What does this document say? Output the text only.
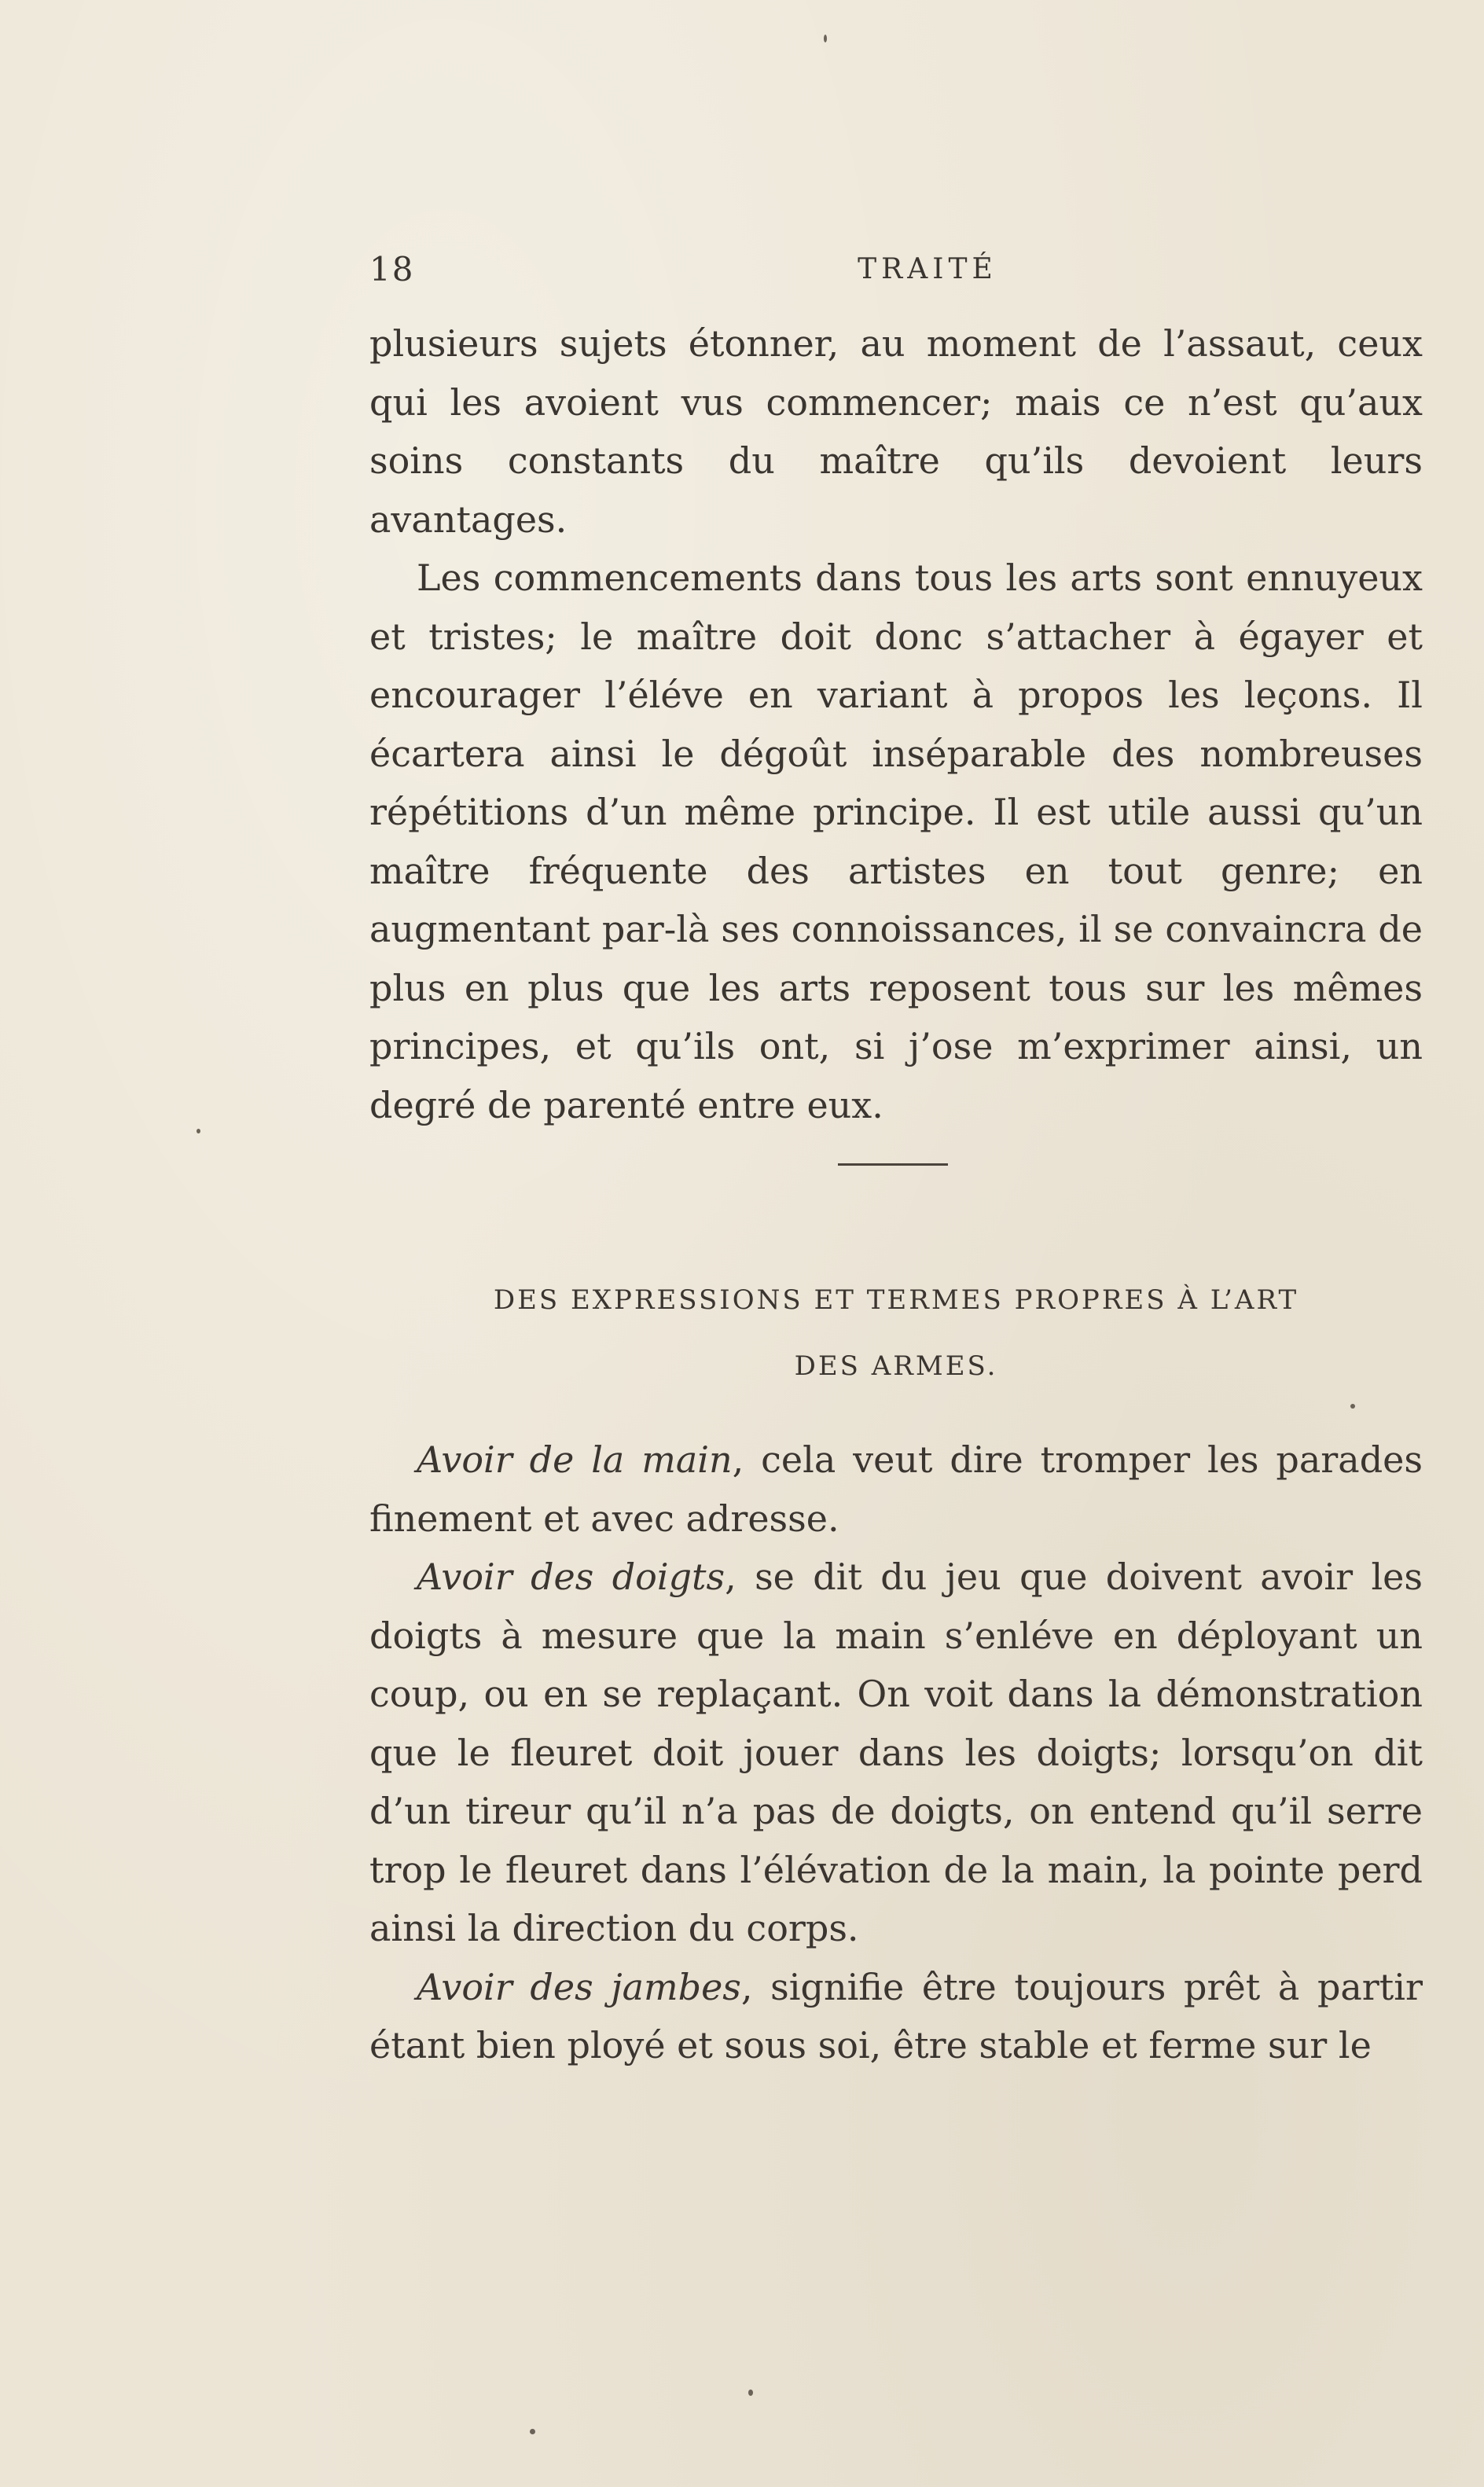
18	TRAITÉ

plusieurs sujets étonner, au moment de l’assaut, ceux qui les avoient vus commencer; mais ce n’est qu’aux soins constants du maître qu’ils devoient leurs avantages.

Les commencements dans tous les arts sont ennuyeux et tristes; le maître doit donc s’attacher à égayer et encourager l’éléve en variant à propos les leçons. Il écartera ainsi le dégoût inséparable des nombreuses répétitions d’un même principe. Il est utile aussi qu’un maître fréquente des artistes en tout genre; en augmentant par-là ses connoissances, il se convaincra de plus en plus que les arts reposent tous sur les mêmes principes, et qu’ils ont, si j’ose m’exprimer ainsi, un degré de parenté entre eux.

DES EXPRESSIONS ET TERMES PROPRES À L’ART
DES ARMES.

Avoir de la main, cela veut dire tromper les parades finement et avec adresse.

Avoir des doigts, se dit du jeu que doivent avoir les doigts à mesure que la main s’enléve en déployant un coup, ou en se replaçant. On voit dans la démonstration que le fleuret doit jouer dans les doigts; lorsqu’on dit d’un tireur qu’il n’a pas de doigts, on entend qu’il serre trop le fleuret dans l’élévation de la main, la pointe perd ainsi la direction du corps.

Avoir des jambes, signifie être toujours prêt à partir étant bien ployé et sous soi, être stable et ferme sur le
